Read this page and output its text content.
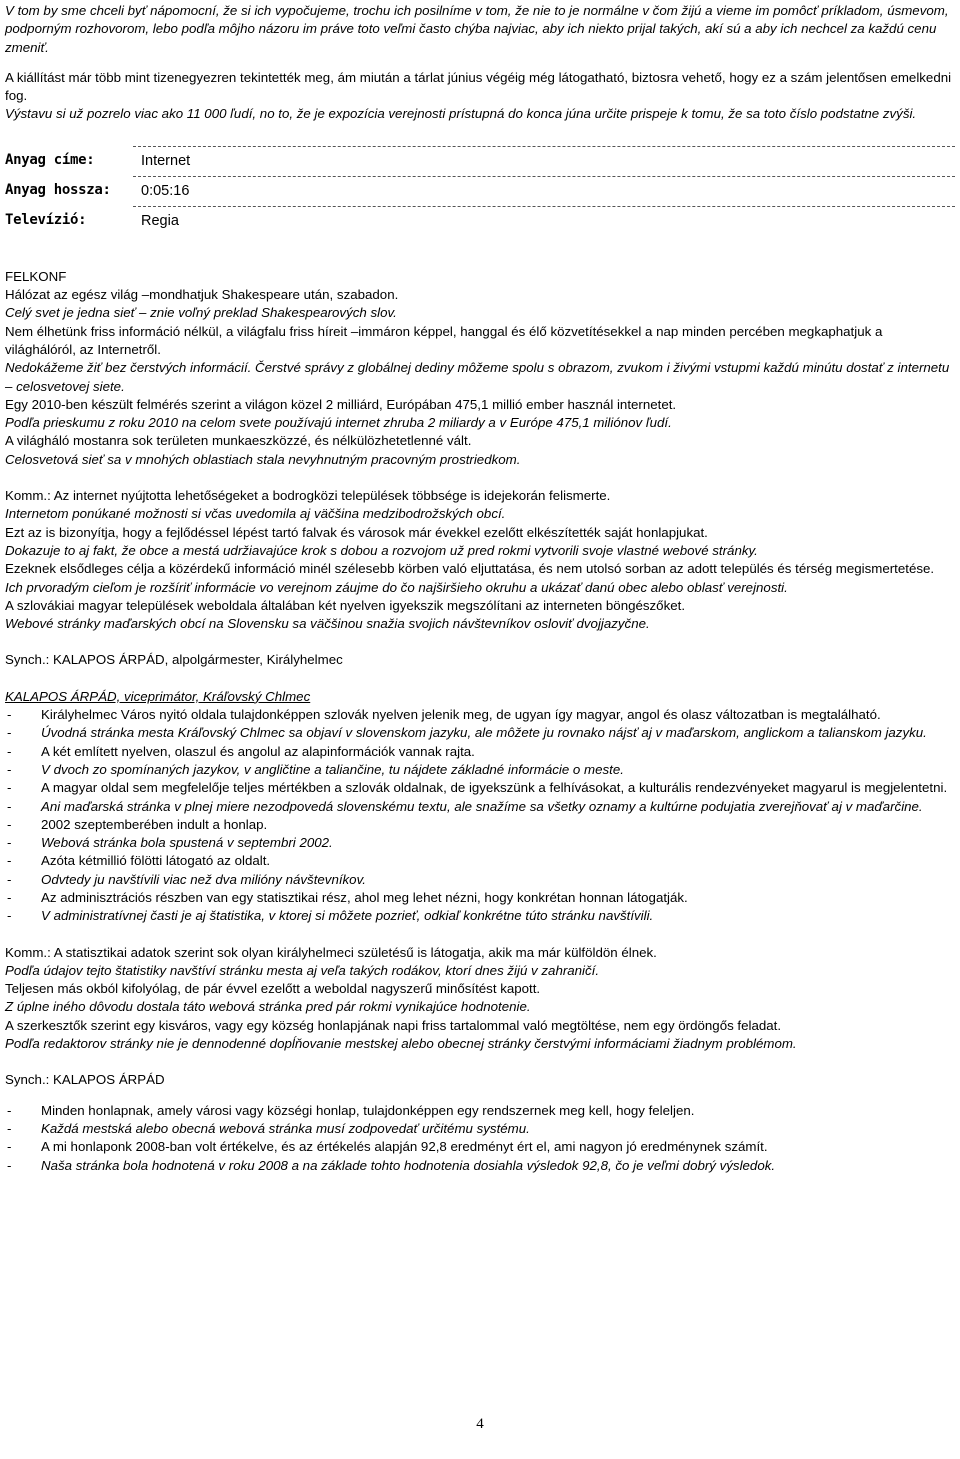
V tom by sme chceli byť nápomocní, že si ich vypočujeme, trochu ich posilníme v tom, že nie to je normálne v čom žijú a vieme im pomôcť príkladom, úsmevom, podporným rozhovorom, lebo podľa môjho názoru im práve toto veľmi často chýba najviac, aby ich niekto prijal takých, akí sú a aby ich nechcel za každú cenu zmeniť.

A kiállítást már több mint tizenegyezren tekintették meg, ám miután a tárlat június végéig még látogatható, biztosra vehető, hogy ez a szám jelentősen emelkedni fog.

Výstavu si už pozrelo viac ako 11 000 ľudí, no to, že je expozícia verejnosti prístupná do konca júna určite prispeje k tomu, že sa toto číslo podstatne zvýši.

Anyag címe:	Internet
Anyag hossza: 0:05:16
Televízió:	Regia

FELKONF

Hálózat az egész világ –mondhatjuk Shakespeare után, szabadon.

Celý svet je jedna sieť – znie voľný preklad Shakespearových slov.

Nem élhetünk friss információ nélkül, a világfalu friss híreit –immáron képpel, hanggal és élő közvetítésekkel a nap minden percében megkaphatjuk a világhálóról, az Internetről.

Nedokážeme žiť bez čerstvých informácií. Čerstvé správy z globálnej dediny môžeme spolu s obrazom, zvukom i živými vstupmi každú minútu dostať z internetu – celosvetovej siete.

Egy 2010-ben készült felmérés szerint a világon közel 2 milliárd, Európában 475,1 millió ember használ internetet.

Podľa prieskumu z roku 2010 na celom svete používajú internet zhruba 2 miliardy a v Európe 475,1 miliónov ľudí.

A világháló mostanra sok területen munkaeszközzé, és nélkülözhetetlenné vált.

Celosvetová sieť sa v mnohých oblastiach stala nevyhnutným pracovným prostriedkom.

Komm.: Az internet nyújtotta lehetőségeket a bodrogközi települések többsége is idejekorán felismerte.

Internetom ponúkané možnosti si včas uvedomila aj väčšina medzibodrožských obcí.

Ezt az is bizonyítja, hogy a fejlődéssel lépést tartó falvak és városok már évekkel ezelőtt elkészítették saját honlapjukat.

Dokazuje to aj fakt, že obce a mestá udržiavajúce krok s dobou a rozvojom už pred rokmi vytvorili svoje vlastné webové stránky.

Ezeknek elsődleges célja a közérdekű információ minél szélesebb körben való eljuttatása, és nem utolsó sorban az adott település és térség megismertetése.

Ich prvoradým cieľom je rozšíriť informácie vo verejnom záujme do čo najširšieho okruhu a ukázať danú obec alebo oblasť verejnosti.

A szlovákiai magyar települések weboldala általában két nyelven igyekszik megszólítani az interneten böngészőket.

Webové stránky maďarských obcí na Slovensku sa väčšinou snažia svojich návštevníkov osloviť dvojjazyčne.

Synch.: KALAPOS ÁRPÁD, alpolgármester, Királyhelmec

KALAPOS ÁRPÁD, viceprimátor, Kráľovský Chlmec

- Királyhelmec Város nyitó oldala tulajdonképpen szlovák nyelven jelenik meg, de ugyan így magyar, angol és olasz változatban is megtalálható.
- Úvodná stránka mesta Kráľovský Chlmec sa objaví v slovenskom jazyku, ale môžete ju rovnako nájsť aj v maďarskom, anglickom a talianskom jazyku.
- A két említett nyelven, olaszul és angolul az alapinformációk vannak rajta.
- V dvoch zo spomínaných jazykov, v angličtine a taliančine, tu nájdete základné informácie o meste.
- A magyar oldal sem megfelelője teljes mértékben a szlovák oldalnak, de igyekszünk a felhívásokat, a kulturális rendezvényeket magyarul is megjelentetni.
- Ani maďarská stránka v plnej miere nezodpovedá slovenskému textu, ale snažíme sa všetky oznamy a kultúrne podujatia zverejňovať aj v maďarčine.
- 2002 szeptemberében indult a honlap.
- Webová stránka bola spustená v septembri 2002.
- Azóta kétmillió fölötti látogató az oldalt.
- Odvtedy ju navštívili viac než dva milióny návštevníkov.
- Az adminisztrációs részben van egy statisztikai rész, ahol meg lehet nézni, hogy konkrétan honnan látogatják.
- V administratívnej časti je aj štatistika, v ktorej si môžete pozrieť, odkiaľ konkrétne túto stránku navštívili.

Komm.: A statisztikai adatok szerint sok olyan királyhelmeci születésű is látogatja, akik ma már külföldön élnek.

Podľa údajov tejto štatistiky navštíví stránku mesta aj veľa takých rodákov, ktorí dnes žijú v zahraničí.

Teljesen más okból kifolyólag, de pár évvel ezelőtt a weboldal nagyszerű minősítést kapott.

Z úplne iného dôvodu dostala táto webová stránka pred pár rokmi vynikajúce hodnotenie.

A szerkesztők szerint egy kisváros, vagy egy község honlapjának napi friss tartalommal való megtöltése, nem egy ördöngős feladat.

Podľa redaktorov stránky nie je dennodenné dopĺňovanie mestskej alebo obecnej stránky čerstvými informáciami žiadnym problémom.

Synch.: KALAPOS ÁRPÁD

- Minden honlapnak, amely városi vagy községi honlap, tulajdonképpen egy rendszernek meg kell, hogy feleljen.
- Každá mestská alebo obecná webová stránka musí zodpovedať určitému systému.
- A mi honlaponk 2008-ban volt értékelve, és az értékelés alapján 92,8 eredményt ért el, ami nagyon jó eredménynek számít.
- Naša stránka bola hodnotená v roku 2008 a na základe tohto hodnotenia dosiahla výsledok 92,8, čo je veľmi dobrý výsledok.
4
